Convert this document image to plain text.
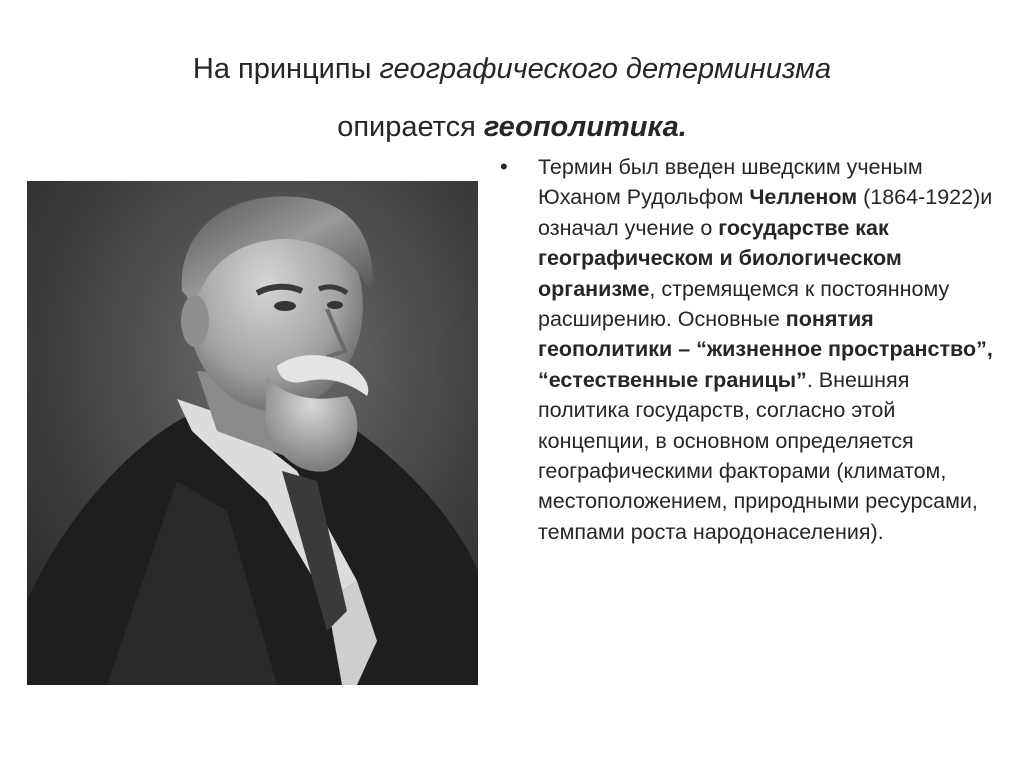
На принципы географического детерминизма
опирается геополитика.
• Термин был введен шведским ученым Юханом Рудольфом Челленом (1864-1922)и означал учение о государстве как географическом и биологическом организме, стремящемся к постоянному расширению. Основные понятия геополитики – “жизненное пространство”, “естественные границы”. Внешняя политика государств, согласно этой концепции, в основном определяется географическими факторами (климатом, местоположением, природными ресурсами, темпами роста народонаселения).
